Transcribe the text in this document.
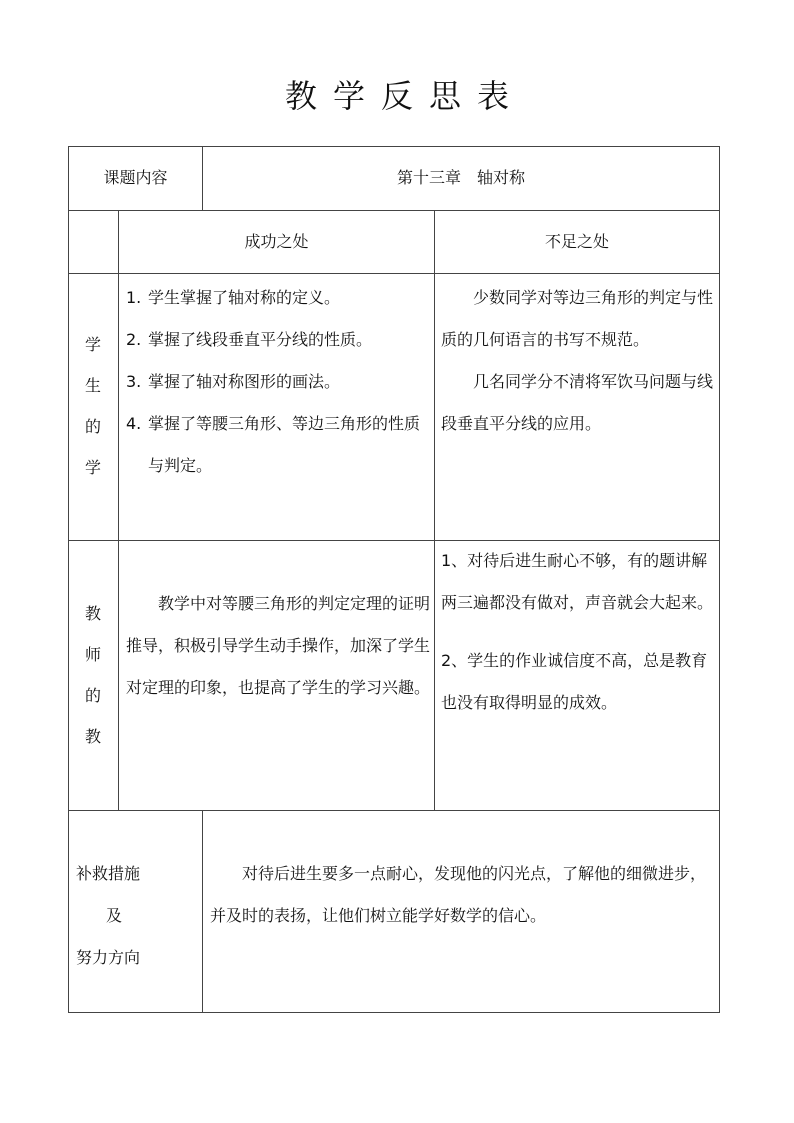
教学反思表
课题内容	第十三章　轴对称
成功之处	不足之处
学
生
的
学
1. 学生掌握了轴对称的定义。
2. 掌握了线段垂直平分线的性质。
3. 掌握了轴对称图形的画法。
4. 掌握了等腰三角形、等边三角形的性质与判定。

少数同学对等边三角形的判定与性质的几何语言的书写不规范。

几名同学分不清将军饮马问题与线段垂直平分线的应用。

教
师
的
教

教学中对等腰三角形的判定定理的证明推导，积极引导学生动手操作，加深了学生对定理的印象，也提高了学生的学习兴趣。

1、对待后进生耐心不够，有的题讲解两三遍都没有做对，声音就会大起来。

2、学生的作业诚信度不高，总是教育也没有取得明显的成效。

补救措施
及
努力方向

对待后进生要多一点耐心，发现他的闪光点，了解他的细微进步，并及时的表扬，让他们树立能学好数学的信心。
